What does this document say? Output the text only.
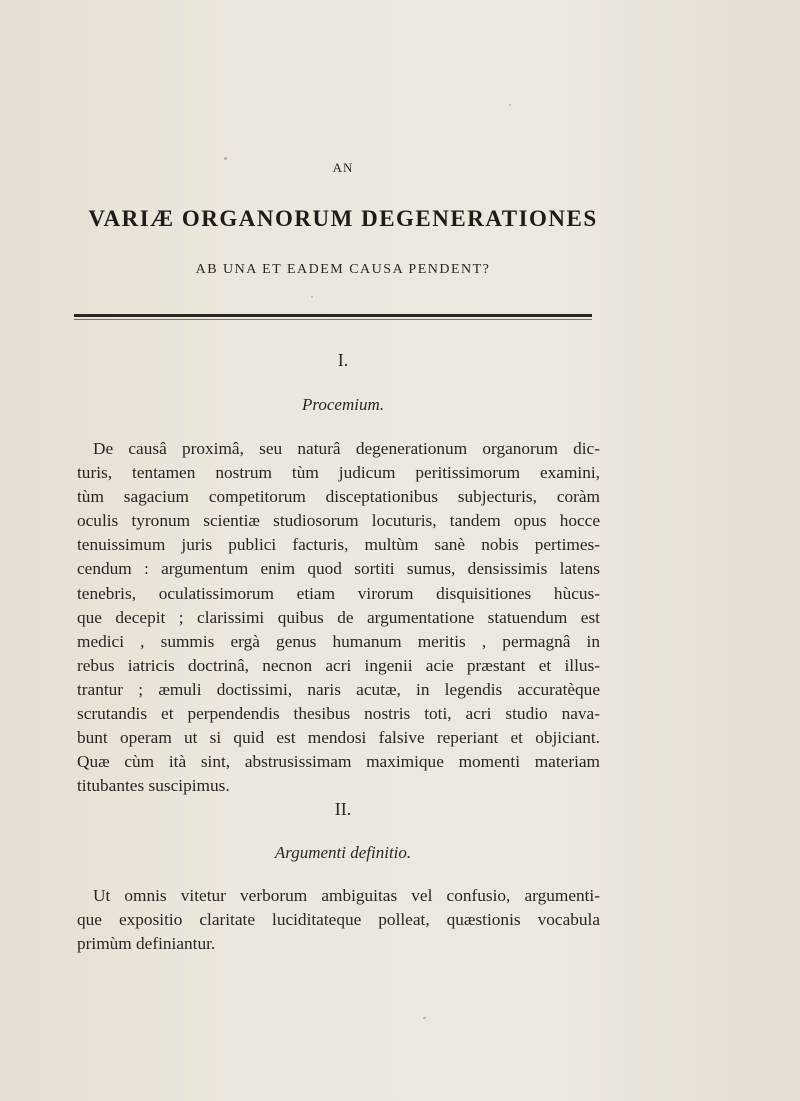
AN
VARIÆ ORGANORUM DEGENERATIONES
AB UNA ET EADEM CAUSA PENDENT?
I.
Procemium.
De causâ proximâ, seu naturâ degenerationum organorum dic-
turis, tentamen nostrum tùm judicum peritissimorum examini,
tùm sagacium competitorum disceptationibus subjecturis, coràm
oculis tyronum scientiæ studiosorum locuturis, tandem opus hocce
tenuissimum juris publici facturis, multùm sanè nobis pertimes-
cendum : argumentum enim quod sortiti sumus, densissimis latens
tenebris, oculatissimorum etiam virorum disquisitiones hùcus-
que decepit ; clarissimi quibus de argumentatione statuendum est
medici , summis ergà genus humanum meritis , permagnâ in
rebus iatricis doctrinâ, necnon acri ingenii acie præstant et illus-
trantur ; æmuli doctissimi, naris acutæ, in legendis accuratèque
scrutandis et perpendendis thesibus nostris toti, acri studio nava-
bunt operam ut si quid est mendosi falsive reperiant et objiciant.
Quæ cùm ità sint, abstrusissimam maximique momenti materiam
titubantes suscipimus.
II.
Argumenti definitio.
Ut omnis vitetur verborum ambiguitas vel confusio, argumenti-
que expositio claritate luciditateque polleat, quæstionis vocabula
primùm definiantur.
